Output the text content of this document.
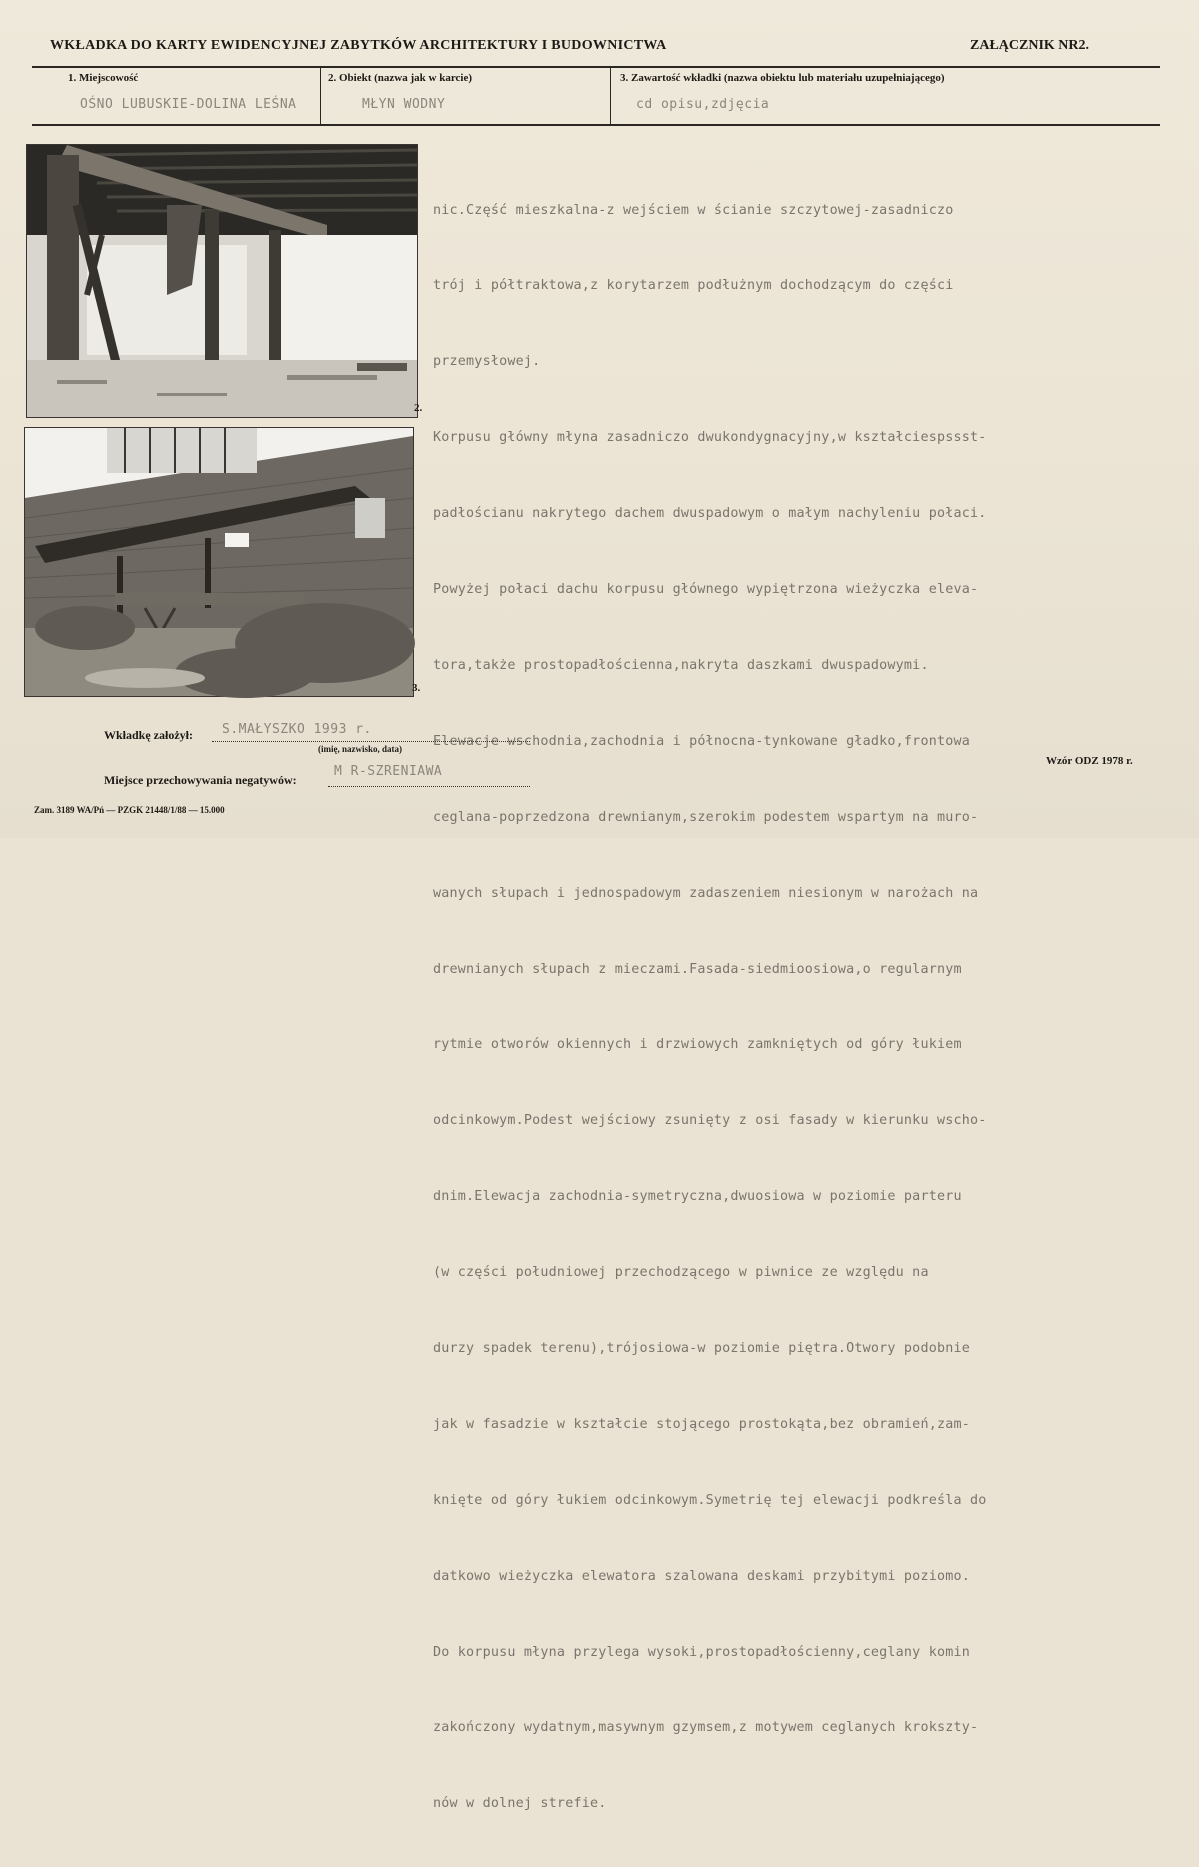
WKŁADKA DO KARTY EWIDENCYJNEJ ZABYTKÓW ARCHITEKTURY I BUDOWNICTWA	ZAŁĄCZNIK NR2.
1. Miejscowość	2. Obiekt (nazwa jak w karcie)	3. Zawartość wkładki (nazwa obiektu lub materiału uzupełniającego)
OŚNO LUBUSKIE-DOLINA LEŚNA	MŁYN WODNY	cd opisu,zdjęcia
2.
3.

nic.Część mieszkalna-z wejściem w ścianie szczytowej-zasadniczo

trój i półtraktowa,z korytarzem podłużnym dochodzącym do części

przemysłowej.

Korpusu główny młyna zasadniczo dwukondygnacyjny,w kształciespssst-

padłościanu nakrytego dachem dwuspadowym o małym nachyleniu połaci.

Powyżej połaci dachu korpusu głównego wypiętrzona wieżyczka eleva-

tora,także prostopadłościenna,nakryta daszkami dwuspadowymi.

Elewacje wschodnia,zachodnia i północna-tynkowane gładko,frontowa

ceglana-poprzedzona drewnianym,szerokim podestem wspartym na muro-

wanych słupach i jednospadowym zadaszeniem niesionym w narożach na

drewnianych słupach z mieczami.Fasada-siedmioosiowa,o regularnym

rytmie otworów okiennych i drzwiowych zamkniętych od góry łukiem

odcinkowym.Podest wejściowy zsunięty z osi fasady w kierunku wscho-

dnim.Elewacja zachodnia-symetryczna,dwuosiowa w poziomie parteru

(w części południowej przechodzącego w piwnice ze względu na

durzy spadek terenu),trójosiowa-w poziomie piętra.Otwory podobnie

jak w fasadzie w kształcie stojącego prostokąta,bez obramień,zam-

knięte od góry łukiem odcinkowym.Symetrię tej elewacji podkreśla do

datkowo wieżyczka elewatora szalowana deskami przybitymi poziomo.

Do korpusu młyna przylega wysoki,prostopadłościenny,ceglany komin

zakończony wydatnym,masywnym gzymsem,z motywem ceglanych kroksztу-

nów w dolnej strefie.

Wkładkę założył: S.MAŁYSZKO 1993 r.
(imię, nazwisko, data)
Miejsce przechowywania negatywów:
M R-SZRENIAWA
Wzór ODZ 1978 r.
Zam. 3189 WA/Pń — PZGK 21448/1/88 — 15.000
